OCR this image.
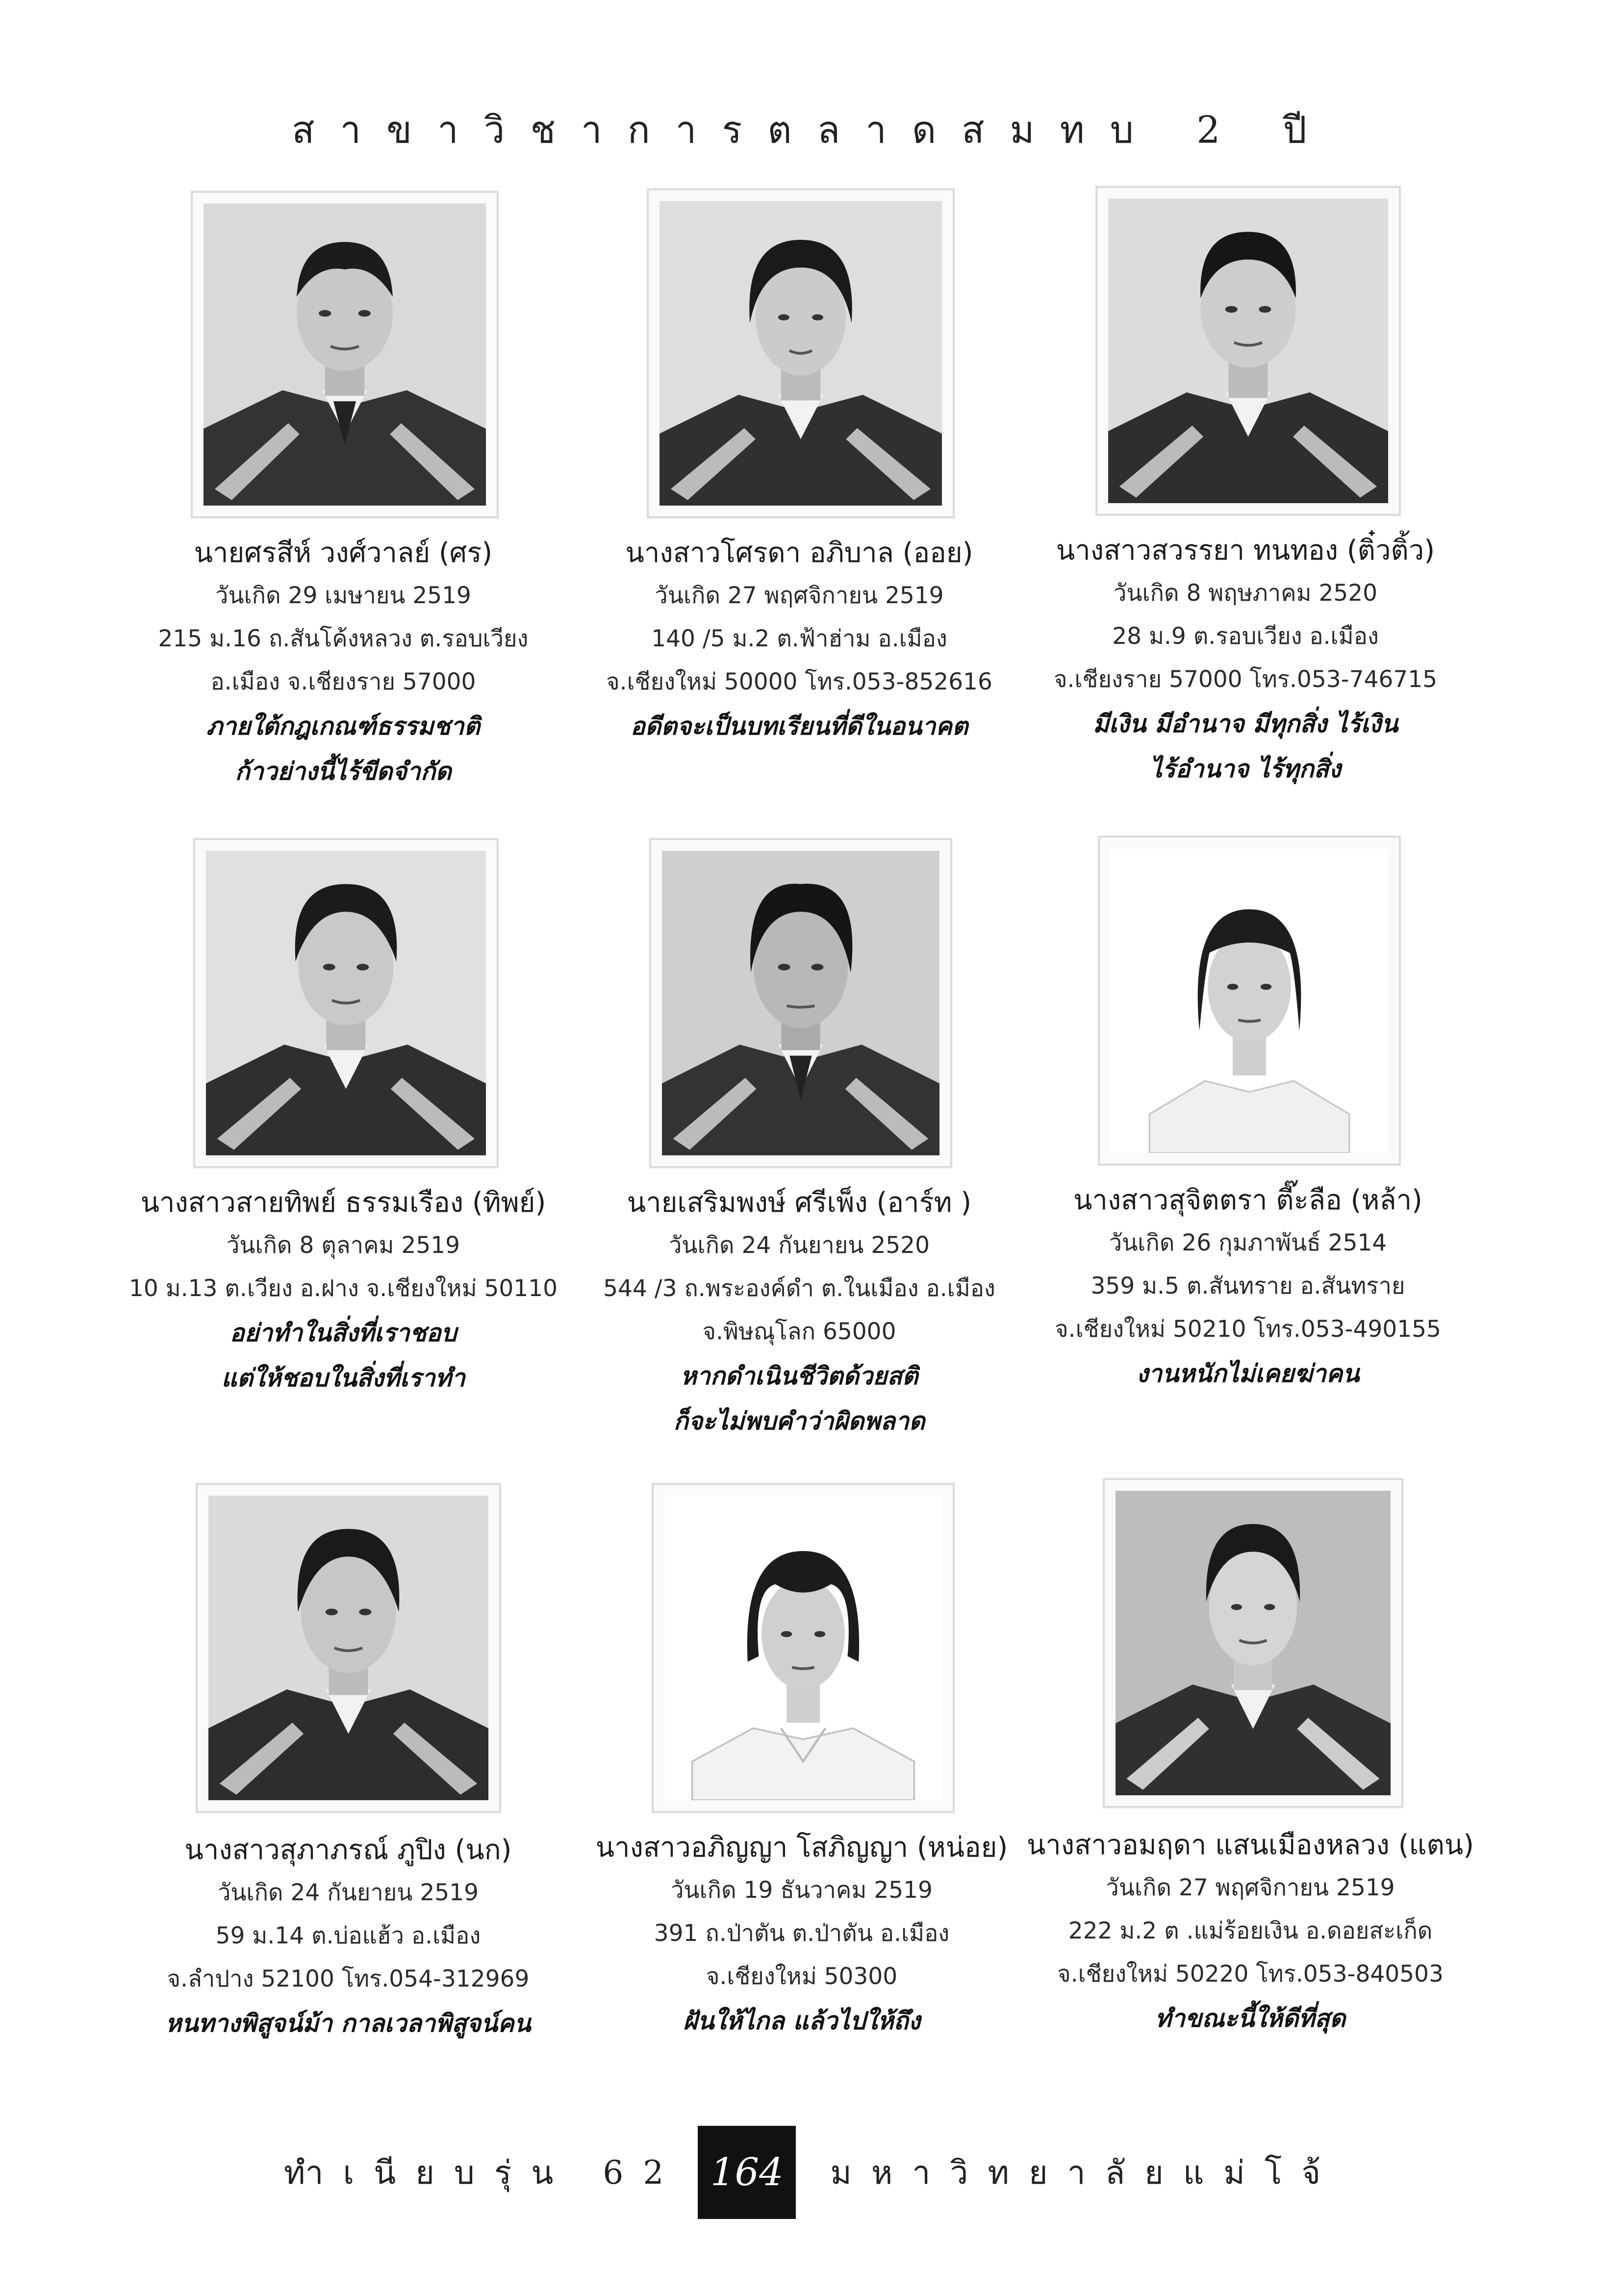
สาขาวิชาการตลาดสมทบ 2 ปี
นายศรสีห์ วงศ์วาลย์ (ศร)
วันเกิด 29 เมษายน 2519
215 ม.16 ถ.สันโค้งหลวง ต.รอบเวียง
อ.เมือง จ.เชียงราย 57000
ภายใต้กฎเกณฑ์ธรรมชาติ
ก้าวย่างนี้ไร้ขีดจำกัด
นางสาวโศรดา อภิบาล (ออย)
วันเกิด 27 พฤศจิกายน 2519
140 /5 ม.2 ต.ฟ้าฮ่าม อ.เมือง
จ.เชียงใหม่ 50000 โทร.053-852616
อดีตจะเป็นบทเรียนที่ดีในอนาคต
นางสาวสวรรยา ทนทอง (ติ๋วติ้ว)
วันเกิด 8 พฤษภาคม 2520
28 ม.9 ต.รอบเวียง อ.เมือง
จ.เชียงราย 57000 โทร.053-746715
มีเงิน มีอำนาจ มีทุกสิ่ง ไร้เงิน
ไร้อำนาจ ไร้ทุกสิ่ง
นางสาวสายทิพย์ ธรรมเรือง (ทิพย์)
วันเกิด 8 ตุลาคม 2519
10 ม.13 ต.เวียง อ.ฝาง จ.เชียงใหม่ 50110
อย่าทำในสิ่งที่เราชอบ
แต่ให้ชอบในสิ่งที่เราทำ
นายเสริมพงษ์ ศรีเพ็ง (อาร์ท )
วันเกิด 24 กันยายน 2520
544 /3 ถ.พระองค์ดำ ต.ในเมือง อ.เมือง
จ.พิษณุโลก 65000
หากดำเนินชีวิตด้วยสติ
ก็จะไม่พบคำว่าผิดพลาด
นางสาวสุจิตตรา ตี๊ะลือ (หล้า)
วันเกิด 26 กุมภาพันธ์ 2514
359 ม.5 ต.สันทราย อ.สันทราย
จ.เชียงใหม่ 50210 โทร.053-490155
งานหนักไม่เคยฆ่าคน
นางสาวสุภาภรณ์ ภูปิง (นก)
วันเกิด 24 กันยายน 2519
59 ม.14 ต.บ่อแฮ้ว อ.เมือง
จ.ลำปาง 52100 โทร.054-312969
หนทางพิสูจน์ม้า กาลเวลาพิสูจน์คน
นางสาวอภิญญา โสภิญญา (หน่อย)
วันเกิด 19 ธันวาคม 2519
391 ถ.ป่าตัน ต.ป่าตัน อ.เมือง
จ.เชียงใหม่ 50300
ฝันให้ไกล แล้วไปให้ถึง
นางสาวอมฤดา แสนเมืองหลวง (แตน)
วันเกิด 27 พฤศจิกายน 2519
222 ม.2 ต .แม่ร้อยเงิน อ.ดอยสะเก็ด
จ.เชียงใหม่ 50220 โทร.053-840503
ทำขณะนี้ให้ดีที่สุด
ทำเนียบรุ่น 62 164	มหาวิทยาลัยแม่โจ้
